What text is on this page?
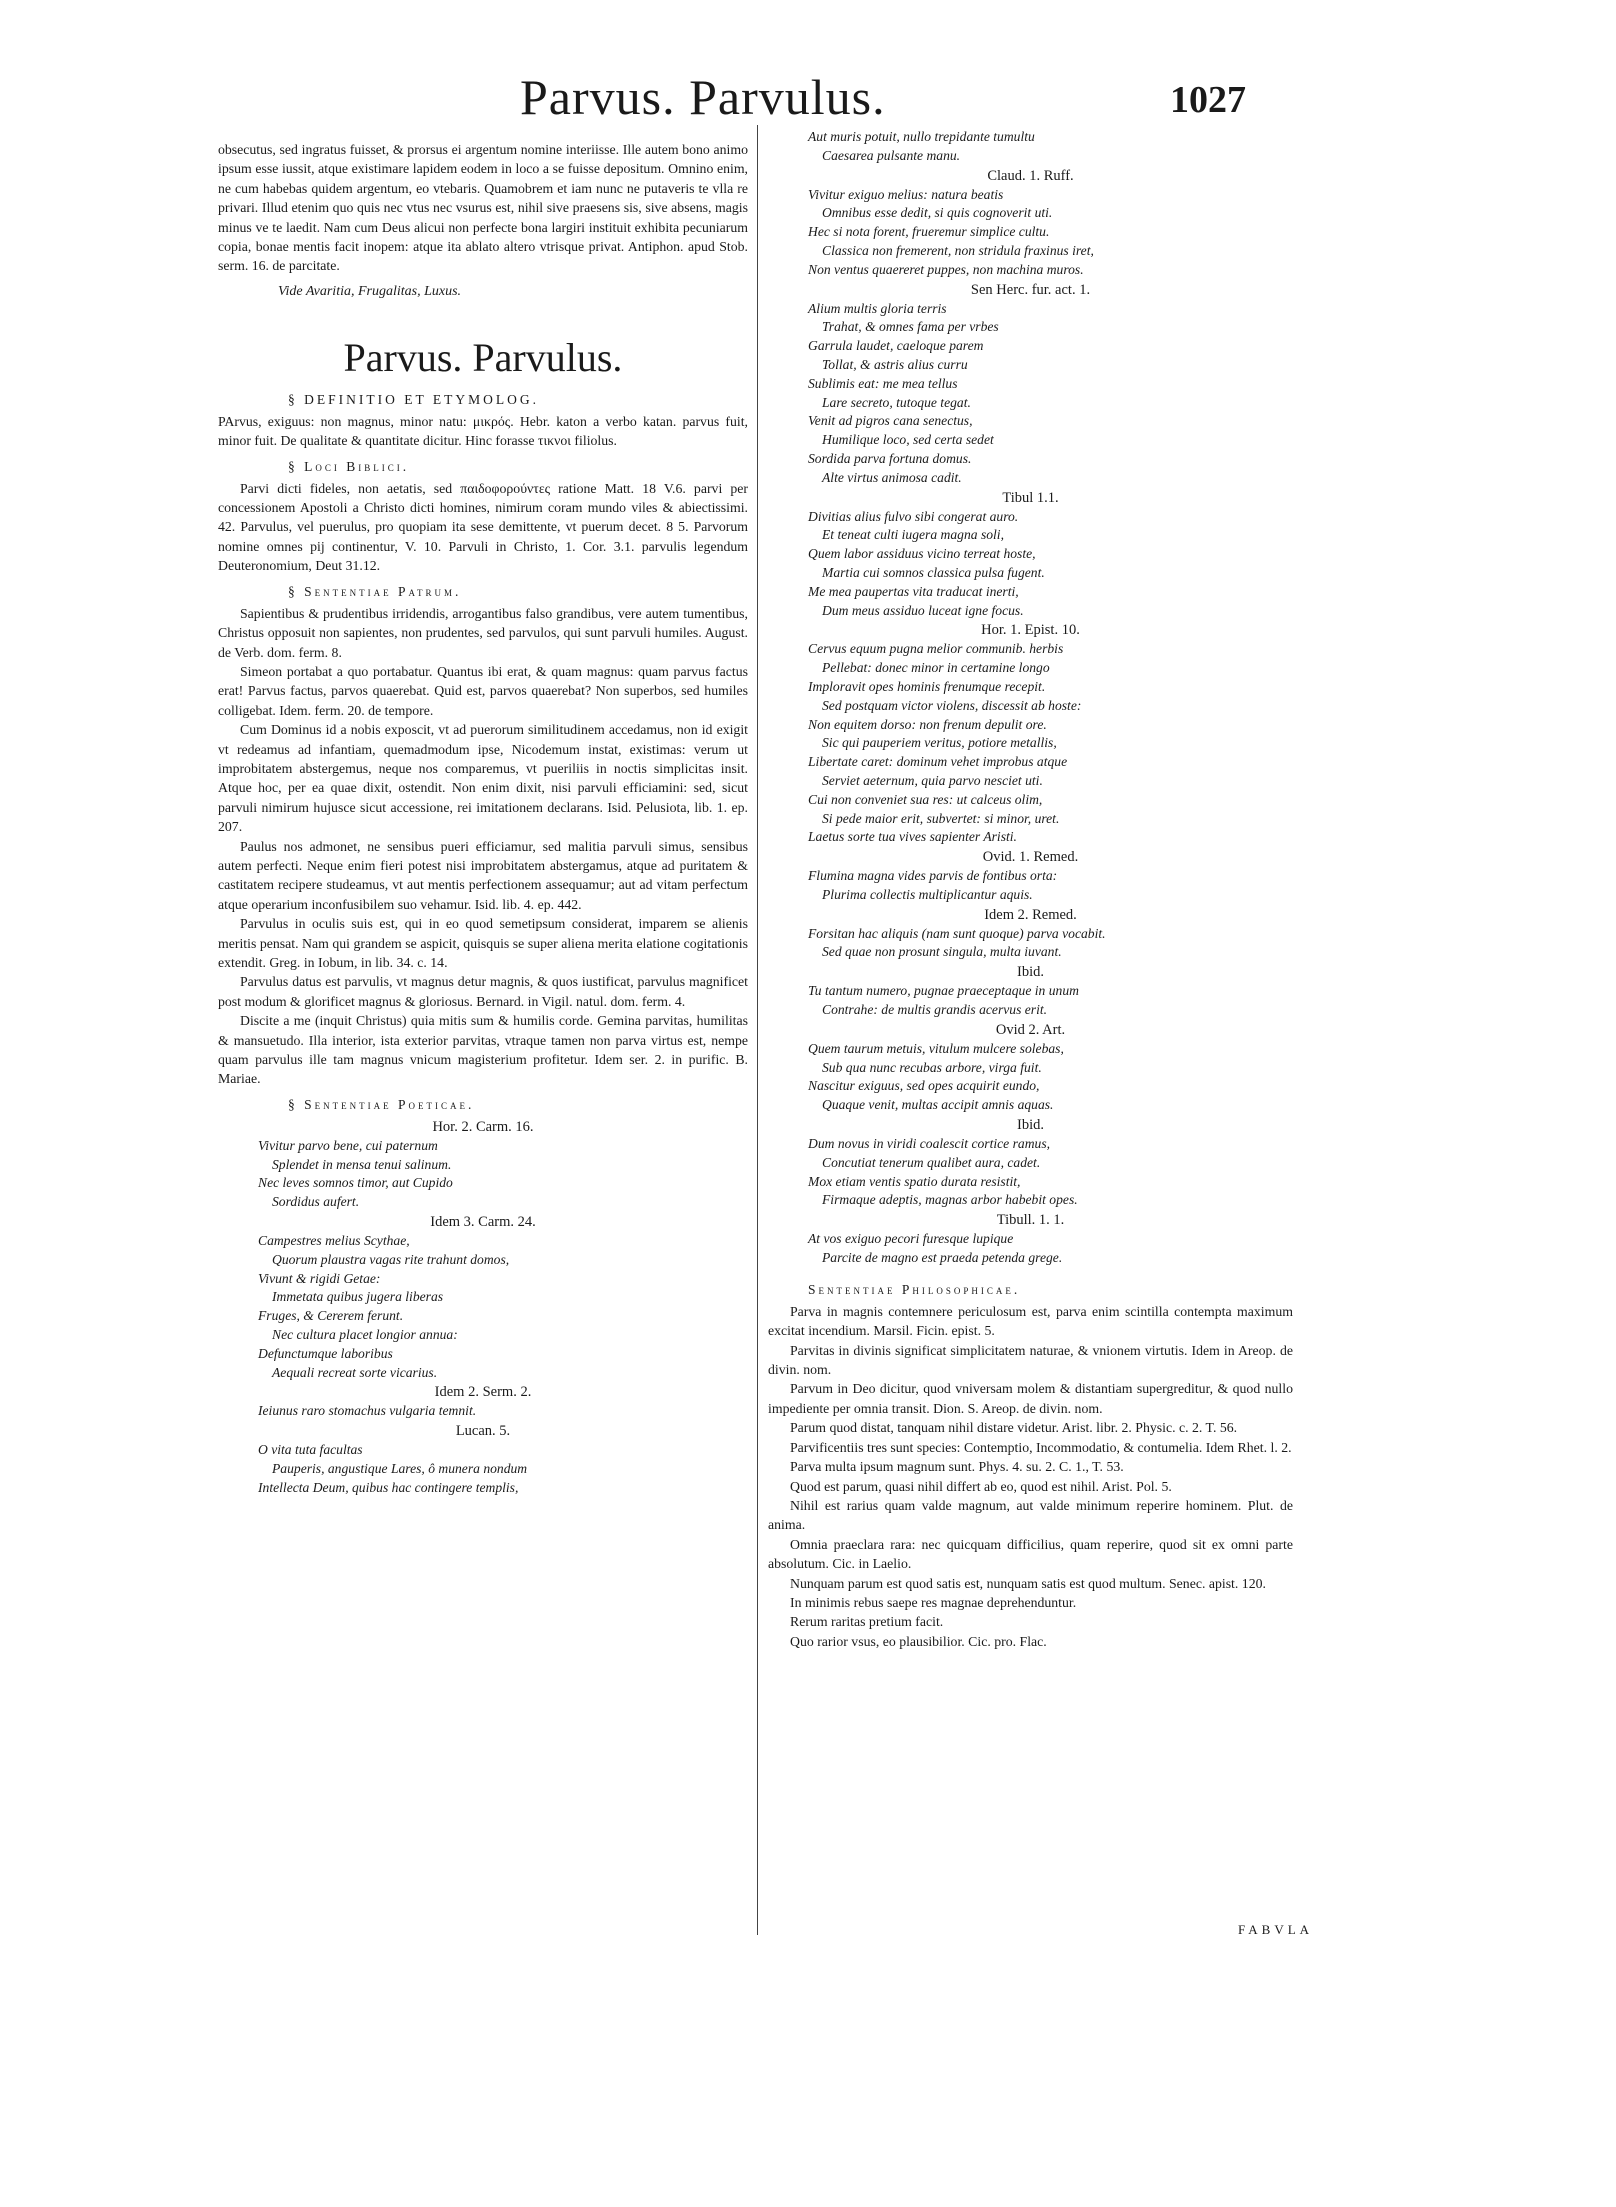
Parvus. Parvulus.	1027

obsecutus, sed ingratus fuisset, & prorsus ei argentum nomine interiisse. Ille autem bono animo ipsum esse iussit, atque existimare lapidem eodem in loco a se fuisse depositum. Omnino enim, ne cum habebas quidem argentum, eo vtebaris. Quamobrem et iam nunc ne putaveris te vlla re privari. Illud etenim quo quis nec vtus nec vsurus est, nihil sive praesens sis, sive absens, magis minus ve te laedit. Nam cum Deus alicui non perfecte bona largiri instituit exhibita pecuniarum copia, bonae mentis facit inopem: atque ita ablato altero vtrisque privat. Antiphon. apud Stob. serm. 16. de parcitate.

Vide Avaritia, Frugalitas, Luxus.

Parvus. Parvulus.

§ DEFINITIO ET ETYMOLOG.

PArvus, exiguus: non magnus, minor natu: μικρός. Hebr. katon a verbo katan. parvus fuit, minor fuit. De qualitate & quantitate dicitur. Hinc forasse τικνοι filiolus.

§ Loci Biblici.

Parvi dicti fideles, non aetatis, sed παιδοφορούντες ratione Matt. 18 V.6. parvi per concessionem Apostoli a Christo dicti homines, nimirum coram mundo viles & abiectissimi. 42. Parvulus, vel puerulus, pro quopiam ita sese demittente, vt puerum decet. 8 5. Parvorum nomine omnes pij continentur, V. 10. Parvuli in Christo, 1. Cor. 3.1. parvulis legendum Deuteronomium, Deut 31.12.

§ Sententiae Patrum.

Sapientibus & prudentibus irridendis, arrogantibus falso grandibus, vere autem tumentibus, Christus opposuit non sapientes, non prudentes, sed parvulos, qui sunt parvuli humiles. August. de Verb. dom. ferm. 8.

Simeon portabat a quo portabatur. Quantus ibi erat, & quam magnus: quam parvus factus erat! Parvus factus, parvos quaerebat. Quid est, parvos quaerebat? Non superbos, sed humiles colligebat. Idem. ferm. 20. de tempore.

Cum Dominus id a nobis exposcit, vt ad puerorum similitudinem accedamus, non id exigit vt redeamus ad infantiam, quemadmodum ipse, Nicodemum instat, existimas: verum ut improbitatem abstergemus, neque nos comparemus, vt pueriliis in noctis simplicitas insit. Atque hoc, per ea quae dixit, ostendit. Non enim dixit, nisi parvuli efficiamini: sed, sicut parvuli nimirum hujusce sicut accessione, rei imitationem declarans. Isid. Pelusiota, lib. 1. ep. 207.

Paulus nos admonet, ne sensibus pueri efficiamur, sed malitia parvuli simus, sensibus autem perfecti. Neque enim fieri potest nisi improbitatem abstergamus, atque ad puritatem & castitatem recipere studeamus, vt aut mentis perfectionem assequamur; aut ad vitam perfectum atque operarium inconfusibilem suo vehamur. Isid. lib. 4. ep. 442.

Parvulus in oculis suis est, qui in eo quod semetipsum considerat, imparem se alienis meritis pensat. Nam qui grandem se aspicit, quisquis se super aliena merita elatione cogitationis extendit. Greg. in Iobum, in lib. 34. c. 14.

Parvulus datus est parvulis, vt magnus detur magnis, & quos iustificat, parvulus magnificet post modum & glorificet magnus & gloriosus. Bernard. in Vigil. natul. dom. ferm. 4.

Discite a me (inquit Christus) quia mitis sum & humilis corde. Gemina parvitas, humilitas & mansuetudo. Illa interior, ista exterior parvitas, vtraque tamen non parva virtus est, nempe quam parvulus ille tam magnus vnicum magisterium profitetur. Idem ser. 2. in purific. B. Mariae.

§ Sententiae Poeticae.

Hor. 2. Carm. 16.

Vivitur parvo bene, cui paternum

Splendet in mensa tenui salinum.

Nec leves somnos timor, aut Cupido

Sordidus aufert.

Idem 3. Carm. 24.

Campestres melius Scythae,

Quorum plaustra vagas rite trahunt domos,

Vivunt & rigidi Getae:

Immetata quibus jugera liberas

Fruges, & Cererem ferunt.

Nec cultura placet longior annua:

Defunctumque laboribus

Aequali recreat sorte vicarius.

Idem 2. Serm. 2.

Ieiunus raro stomachus vulgaria temnit.

Lucan. 5.

O vita tuta facultas

Pauperis, angustique Lares, ô munera nondum

Intellecta Deum, quibus hac contingere templis,

Aut muris potuit, nullo trepidante tumultu

Caesarea pulsante manu.

Claud. 1. Ruff.

Vivitur exiguo melius: natura beatis

Omnibus esse dedit, si quis cognoverit uti.

Hec si nota forent, frueremur simplice cultu.

Classica non fremerent, non stridula fraxinus iret,

Non ventus quaereret puppes, non machina muros.

Sen Herc. fur. act. 1.

Alium multis gloria terris

Trahat, & omnes fama per vrbes

Garrula laudet, caeloque parem

Tollat, & astris alius curru

Sublimis eat: me mea tellus

Lare secreto, tutoque tegat.

Venit ad pigros cana senectus,

Humilique loco, sed certa sedet

Sordida parva fortuna domus.

Alte virtus animosa cadit.

Tibul 1.1.

Divitias alius fulvo sibi congerat auro.

Et teneat culti iugera magna soli,

Quem labor assiduus vicino terreat hoste,

Martia cui somnos classica pulsa fugent.

Me mea paupertas vita traducat inerti,

Dum meus assiduo luceat igne focus.

Hor. 1. Epist. 10.

Cervus equum pugna melior communib. herbis

Pellebat: donec minor in certamine longo

Imploravit opes hominis frenumque recepit.

Sed postquam victor violens, discessit ab hoste:

Non equitem dorso: non frenum depulit ore.

Sic qui pauperiem veritus, potiore metallis,

Libertate caret: dominum vehet improbus atque

Serviet aeternum, quia parvo nesciet uti.

Cui non conveniet sua res: ut calceus olim,

Si pede maior erit, subvertet: si minor, uret.

Laetus sorte tua vives sapienter Aristi.

Ovid. 1. Remed.

Flumina magna vides parvis de fontibus orta:

Plurima collectis multiplicantur aquis.

Idem 2. Remed.

Forsitan hac aliquis (nam sunt quoque) parva vocabit.

Sed quae non prosunt singula, multa iuvant.

Ibid.

Tu tantum numero, pugnae praeceptaque in unum

Contrahe: de multis grandis acervus erit.

Ovid 2. Art.

Quem taurum metuis, vitulum mulcere solebas,

Sub qua nunc recubas arbore, virga fuit.

Nascitur exiguus, sed opes acquirit eundo,

Quaque venit, multas accipit amnis aquas.

Ibid.

Dum novus in viridi coalescit cortice ramus,

Concutiat tenerum qualibet aura, cadet.

Mox etiam ventis spatio durata resistit,

Firmaque adeptis, magnas arbor habebit opes.

Tibull. 1. 1.

At vos exiguo pecori furesque lupique

Parcite de magno est praeda petenda grege.

Sententiae Philosophicae.

Parva in magnis contemnere periculosum est, parva enim scintilla contempta maximum excitat incendium. Marsil. Ficin. epist. 5.

Parvitas in divinis significat simplicitatem naturae, & vnionem virtutis. Idem in Areop. de divin. nom.

Parvum in Deo dicitur, quod vniversam molem & distantiam supergreditur, & quod nullo impediente per omnia transit. Dion. S. Areop. de divin. nom.

Parum quod distat, tanquam nihil distare videtur. Arist. libr. 2. Physic. c. 2. T. 56.

Parvificentiis tres sunt species: Contemptio, Incommodatio, & contumelia. Idem Rhet. l. 2.

Parva multa ipsum magnum sunt. Phys. 4. su. 2. C. 1., T. 53.

Quod est parum, quasi nihil differt ab eo, quod est nihil. Arist. Pol. 5.

Nihil est rarius quam valde magnum, aut valde minimum reperire hominem. Plut. de anima.

Omnia praeclara rara: nec quicquam difficilius, quam reperire, quod sit ex omni parte absolutum. Cic. in Laelio.

Nunquam parum est quod satis est, nunquam satis est quod multum. Senec. apist. 120.

In minimis rebus saepe res magnae deprehenduntur.

Rerum raritas pretium facit.

Quo rarior vsus, eo plausibilior. Cic. pro. Flac.

FABVLA
